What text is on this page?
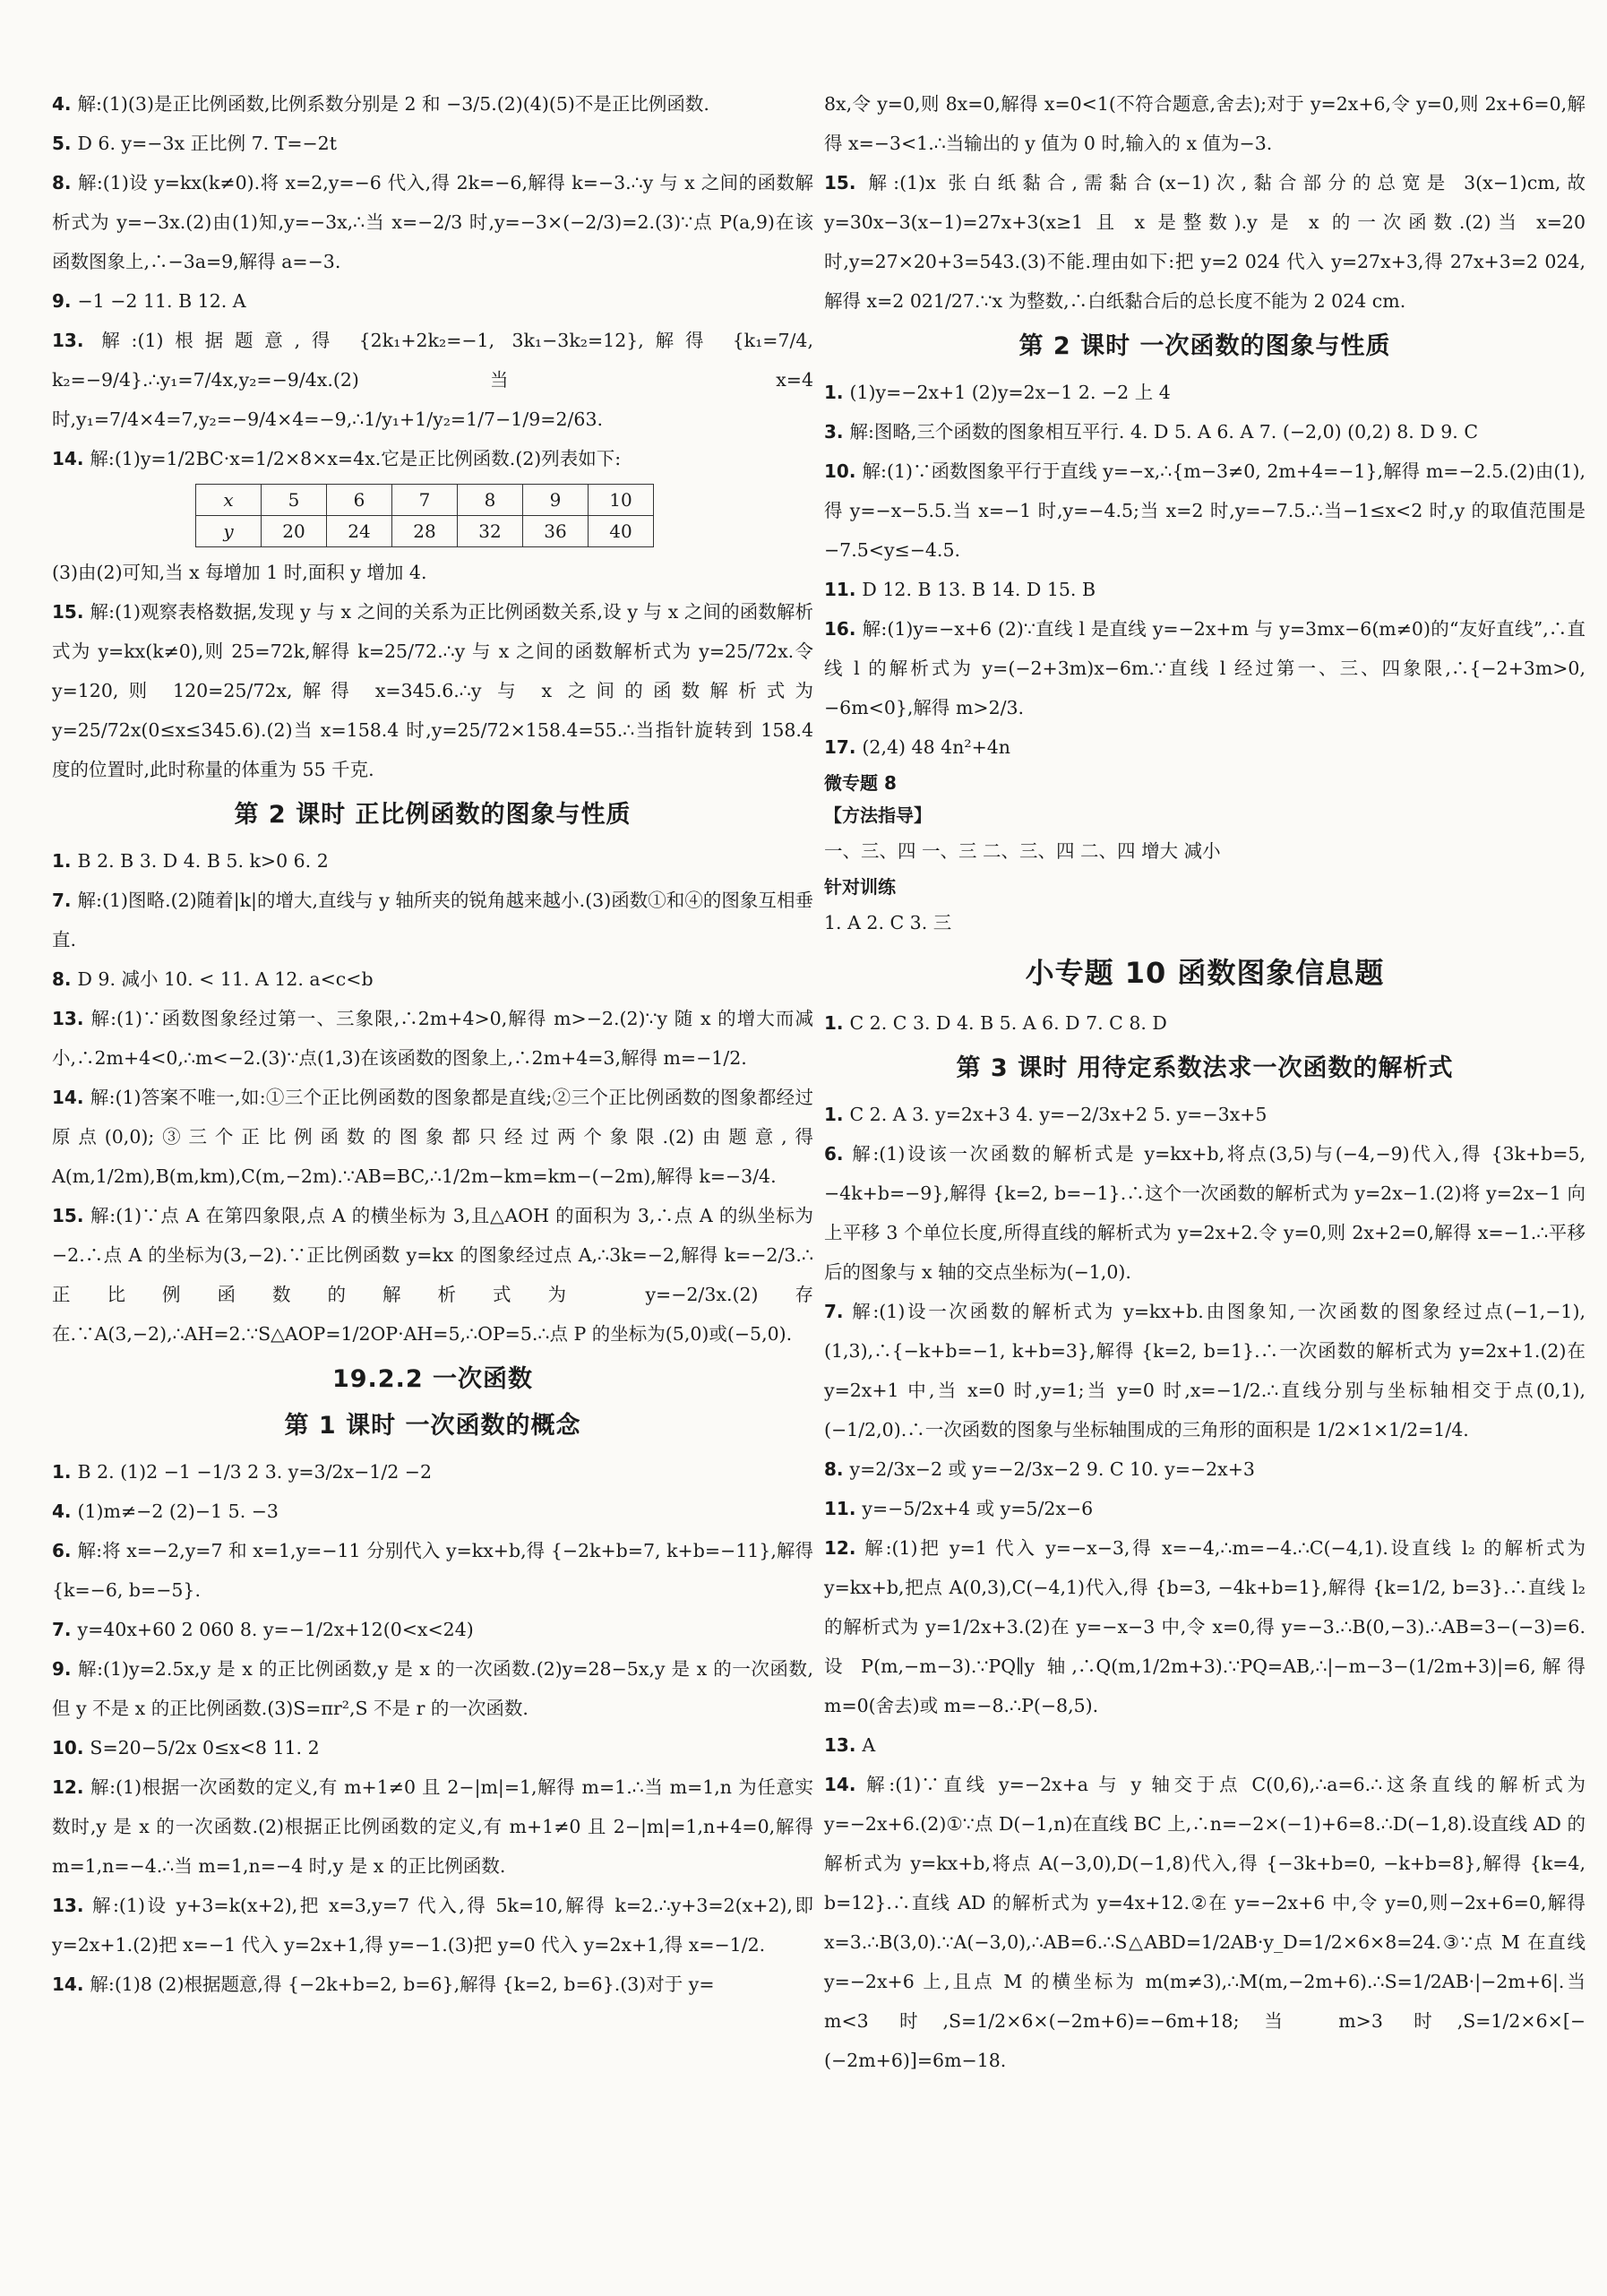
4. 解:(1)(3)是正比例函数,比例系数分别是 2 和 −3/5.(2)(4)(5)不是正比例函数.

5. D 6. y=−3x 正比例 7. T=−2t

8. 解:(1)设 y=kx(k≠0).将 x=2,y=−6 代入,得 2k=−6,解得 k=−3.∴y 与 x 之间的函数解析式为 y=−3x.(2)由(1)知,y=−3x,∴当 x=−2/3 时,y=−3×(−2/3)=2.(3)∵点 P(a,9)在该函数图象上,∴−3a=9,解得 a=−3.

9. −1 −2 11. B 12. A

13. 解:(1)根据题意,得 {2k₁+2k₂=−1, 3k₁−3k₂=12},解得 {k₁=7/4, k₂=−9/4}.∴y₁=7/4x,y₂=−9/4x.(2)当 x=4 时,y₁=7/4×4=7,y₂=−9/4×4=−9,∴1/y₁+1/y₂=1/7−1/9=2/63.

14. 解:(1)y=1/2BC·x=1/2×8×x=4x.它是正比例函数.(2)列表如下:

x	5	6	7	8	9	10
y	20	24	28	32	36	40

(3)由(2)可知,当 x 每增加 1 时,面积 y 增加 4.

15. 解:(1)观察表格数据,发现 y 与 x 之间的关系为正比例函数关系,设 y 与 x 之间的函数解析式为 y=kx(k≠0),则 25=72k,解得 k=25/72.∴y 与 x 之间的函数解析式为 y=25/72x.令 y=120,则 120=25/72x,解得 x=345.6.∴y 与 x 之间的函数解析式为 y=25/72x(0≤x≤345.6).(2)当 x=158.4 时,y=25/72×158.4=55.∴当指针旋转到 158.4 度的位置时,此时称量的体重为 55 千克.

第 2 课时 正比例函数的图象与性质

1. B 2. B 3. D 4. B 5. k>0 6. 2

7. 解:(1)图略.(2)随着|k|的增大,直线与 y 轴所夹的锐角越来越小.(3)函数①和④的图象互相垂直.

8. D 9. 减小 10. < 11. A 12. a<c<b

13. 解:(1)∵函数图象经过第一、三象限,∴2m+4>0,解得 m>−2.(2)∵y 随 x 的增大而减小,∴2m+4<0,∴m<−2.(3)∵点(1,3)在该函数的图象上,∴2m+4=3,解得 m=−1/2.

14. 解:(1)答案不唯一,如:①三个正比例函数的图象都是直线;②三个正比例函数的图象都经过原点(0,0);③三个正比例函数的图象都只经过两个象限.(2)由题意,得 A(m,1/2m),B(m,km),C(m,−2m).∵AB=BC,∴1/2m−km=km−(−2m),解得 k=−3/4.

15. 解:(1)∵点 A 在第四象限,点 A 的横坐标为 3,且△AOH 的面积为 3,∴点 A 的纵坐标为−2.∴点 A 的坐标为(3,−2).∵正比例函数 y=kx 的图象经过点 A,∴3k=−2,解得 k=−2/3.∴正比例函数的解析式为 y=−2/3x.(2)存在.∵A(3,−2),∴AH=2.∵S△AOP=1/2OP·AH=5,∴OP=5.∴点 P 的坐标为(5,0)或(−5,0).

19.2.2 一次函数
第 1 课时 一次函数的概念

1. B 2. (1)2 −1 −1/3 2 3. y=3/2x−1/2 −2

4. (1)m≠−2 (2)−1 5. −3

6. 解:将 x=−2,y=7 和 x=1,y=−11 分别代入 y=kx+b,得 {−2k+b=7, k+b=−11},解得 {k=−6, b=−5}.

7. y=40x+60 2 060 8. y=−1/2x+12(0<x<24)

9. 解:(1)y=2.5x,y 是 x 的正比例函数,y 是 x 的一次函数.(2)y=28−5x,y 是 x 的一次函数,但 y 不是 x 的正比例函数.(3)S=πr²,S 不是 r 的一次函数.

10. S=20−5/2x 0≤x<8 11. 2

12. 解:(1)根据一次函数的定义,有 m+1≠0 且 2−|m|=1,解得 m=1.∴当 m=1,n 为任意实数时,y 是 x 的一次函数.(2)根据正比例函数的定义,有 m+1≠0 且 2−|m|=1,n+4=0,解得 m=1,n=−4.∴当 m=1,n=−4 时,y 是 x 的正比例函数.

13. 解:(1)设 y+3=k(x+2),把 x=3,y=7 代入,得 5k=10,解得 k=2.∴y+3=2(x+2),即 y=2x+1.(2)把 x=−1 代入 y=2x+1,得 y=−1.(3)把 y=0 代入 y=2x+1,得 x=−1/2.

14. 解:(1)8 (2)根据题意,得 {−2k+b=2, b=6},解得 {k=2, b=6}.(3)对于 y=

8x,令 y=0,则 8x=0,解得 x=0<1(不符合题意,舍去);对于 y=2x+6,令 y=0,则 2x+6=0,解得 x=−3<1.∴当输出的 y 值为 0 时,输入的 x 值为−3.

15. 解:(1)x 张白纸黏合,需黏合(x−1)次,黏合部分的总宽是 3(x−1)cm,故 y=30x−3(x−1)=27x+3(x≥1 且 x 是整数).y 是 x 的一次函数.(2)当 x=20 时,y=27×20+3=543.(3)不能.理由如下:把 y=2 024 代入 y=27x+3,得 27x+3=2 024,解得 x=2 021/27.∵x 为整数,∴白纸黏合后的总长度不能为 2 024 cm.

第 2 课时 一次函数的图象与性质

1. (1)y=−2x+1 (2)y=2x−1 2. −2 上 4

3. 解:图略,三个函数的图象相互平行. 4. D 5. A 6. A 7. (−2,0) (0,2) 8. D 9. C

10. 解:(1)∵函数图象平行于直线 y=−x,∴{m−3≠0, 2m+4=−1},解得 m=−2.5.(2)由(1),得 y=−x−5.5.当 x=−1 时,y=−4.5;当 x=2 时,y=−7.5.∴当−1≤x<2 时,y 的取值范围是−7.5<y≤−4.5.

11. D 12. B 13. B 14. D 15. B

16. 解:(1)y=−x+6 (2)∵直线 l 是直线 y=−2x+m 与 y=3mx−6(m≠0)的“友好直线”,∴直线 l 的解析式为 y=(−2+3m)x−6m.∵直线 l 经过第一、三、四象限,∴{−2+3m>0, −6m<0},解得 m>2/3.

17. (2,4) 48 4n²+4n

微专题 8

【方法指导】

一、三、四 一、三 二、三、四 二、四 增大 减小

针对训练

1. A 2. C 3. 三

小专题 10 函数图象信息题

1. C 2. C 3. D 4. B 5. A 6. D 7. C 8. D

第 3 课时 用待定系数法求一次函数的解析式

1. C 2. A 3. y=2x+3 4. y=−2/3x+2 5. y=−3x+5

6. 解:(1)设该一次函数的解析式是 y=kx+b,将点(3,5)与(−4,−9)代入,得 {3k+b=5, −4k+b=−9},解得 {k=2, b=−1}.∴这个一次函数的解析式为 y=2x−1.(2)将 y=2x−1 向上平移 3 个单位长度,所得直线的解析式为 y=2x+2.令 y=0,则 2x+2=0,解得 x=−1.∴平移后的图象与 x 轴的交点坐标为(−1,0).

7. 解:(1)设一次函数的解析式为 y=kx+b.由图象知,一次函数的图象经过点(−1,−1),(1,3),∴{−k+b=−1, k+b=3},解得 {k=2, b=1}.∴一次函数的解析式为 y=2x+1.(2)在 y=2x+1 中,当 x=0 时,y=1;当 y=0 时,x=−1/2.∴直线分别与坐标轴相交于点(0,1),(−1/2,0).∴一次函数的图象与坐标轴围成的三角形的面积是 1/2×1×1/2=1/4.

8. y=2/3x−2 或 y=−2/3x−2 9. C 10. y=−2x+3

11. y=−5/2x+4 或 y=5/2x−6

12. 解:(1)把 y=1 代入 y=−x−3,得 x=−4,∴m=−4.∴C(−4,1).设直线 l₂ 的解析式为 y=kx+b,把点 A(0,3),C(−4,1)代入,得 {b=3, −4k+b=1},解得 {k=1/2, b=3}.∴直线 l₂ 的解析式为 y=1/2x+3.(2)在 y=−x−3 中,令 x=0,得 y=−3.∴B(0,−3).∴AB=3−(−3)=6.设 P(m,−m−3).∵PQ∥y 轴,∴Q(m,1/2m+3).∵PQ=AB,∴|−m−3−(1/2m+3)|=6,解得 m=0(舍去)或 m=−8.∴P(−8,5).

13. A

14. 解:(1)∵直线 y=−2x+a 与 y 轴交于点 C(0,6),∴a=6.∴这条直线的解析式为 y=−2x+6.(2)①∵点 D(−1,n)在直线 BC 上,∴n=−2×(−1)+6=8.∴D(−1,8).设直线 AD 的解析式为 y=kx+b,将点 A(−3,0),D(−1,8)代入,得 {−3k+b=0, −k+b=8},解得 {k=4, b=12}.∴直线 AD 的解析式为 y=4x+12.②在 y=−2x+6 中,令 y=0,则−2x+6=0,解得 x=3.∴B(3,0).∵A(−3,0),∴AB=6.∴S△ABD=1/2AB·y_D=1/2×6×8=24.③∵点 M 在直线 y=−2x+6 上,且点 M 的横坐标为 m(m≠3),∴M(m,−2m+6).∴S=1/2AB·|−2m+6|.当 m<3 时,S=1/2×6×(−2m+6)=−6m+18;当 m>3 时,S=1/2×6×[−(−2m+6)]=6m−18.
